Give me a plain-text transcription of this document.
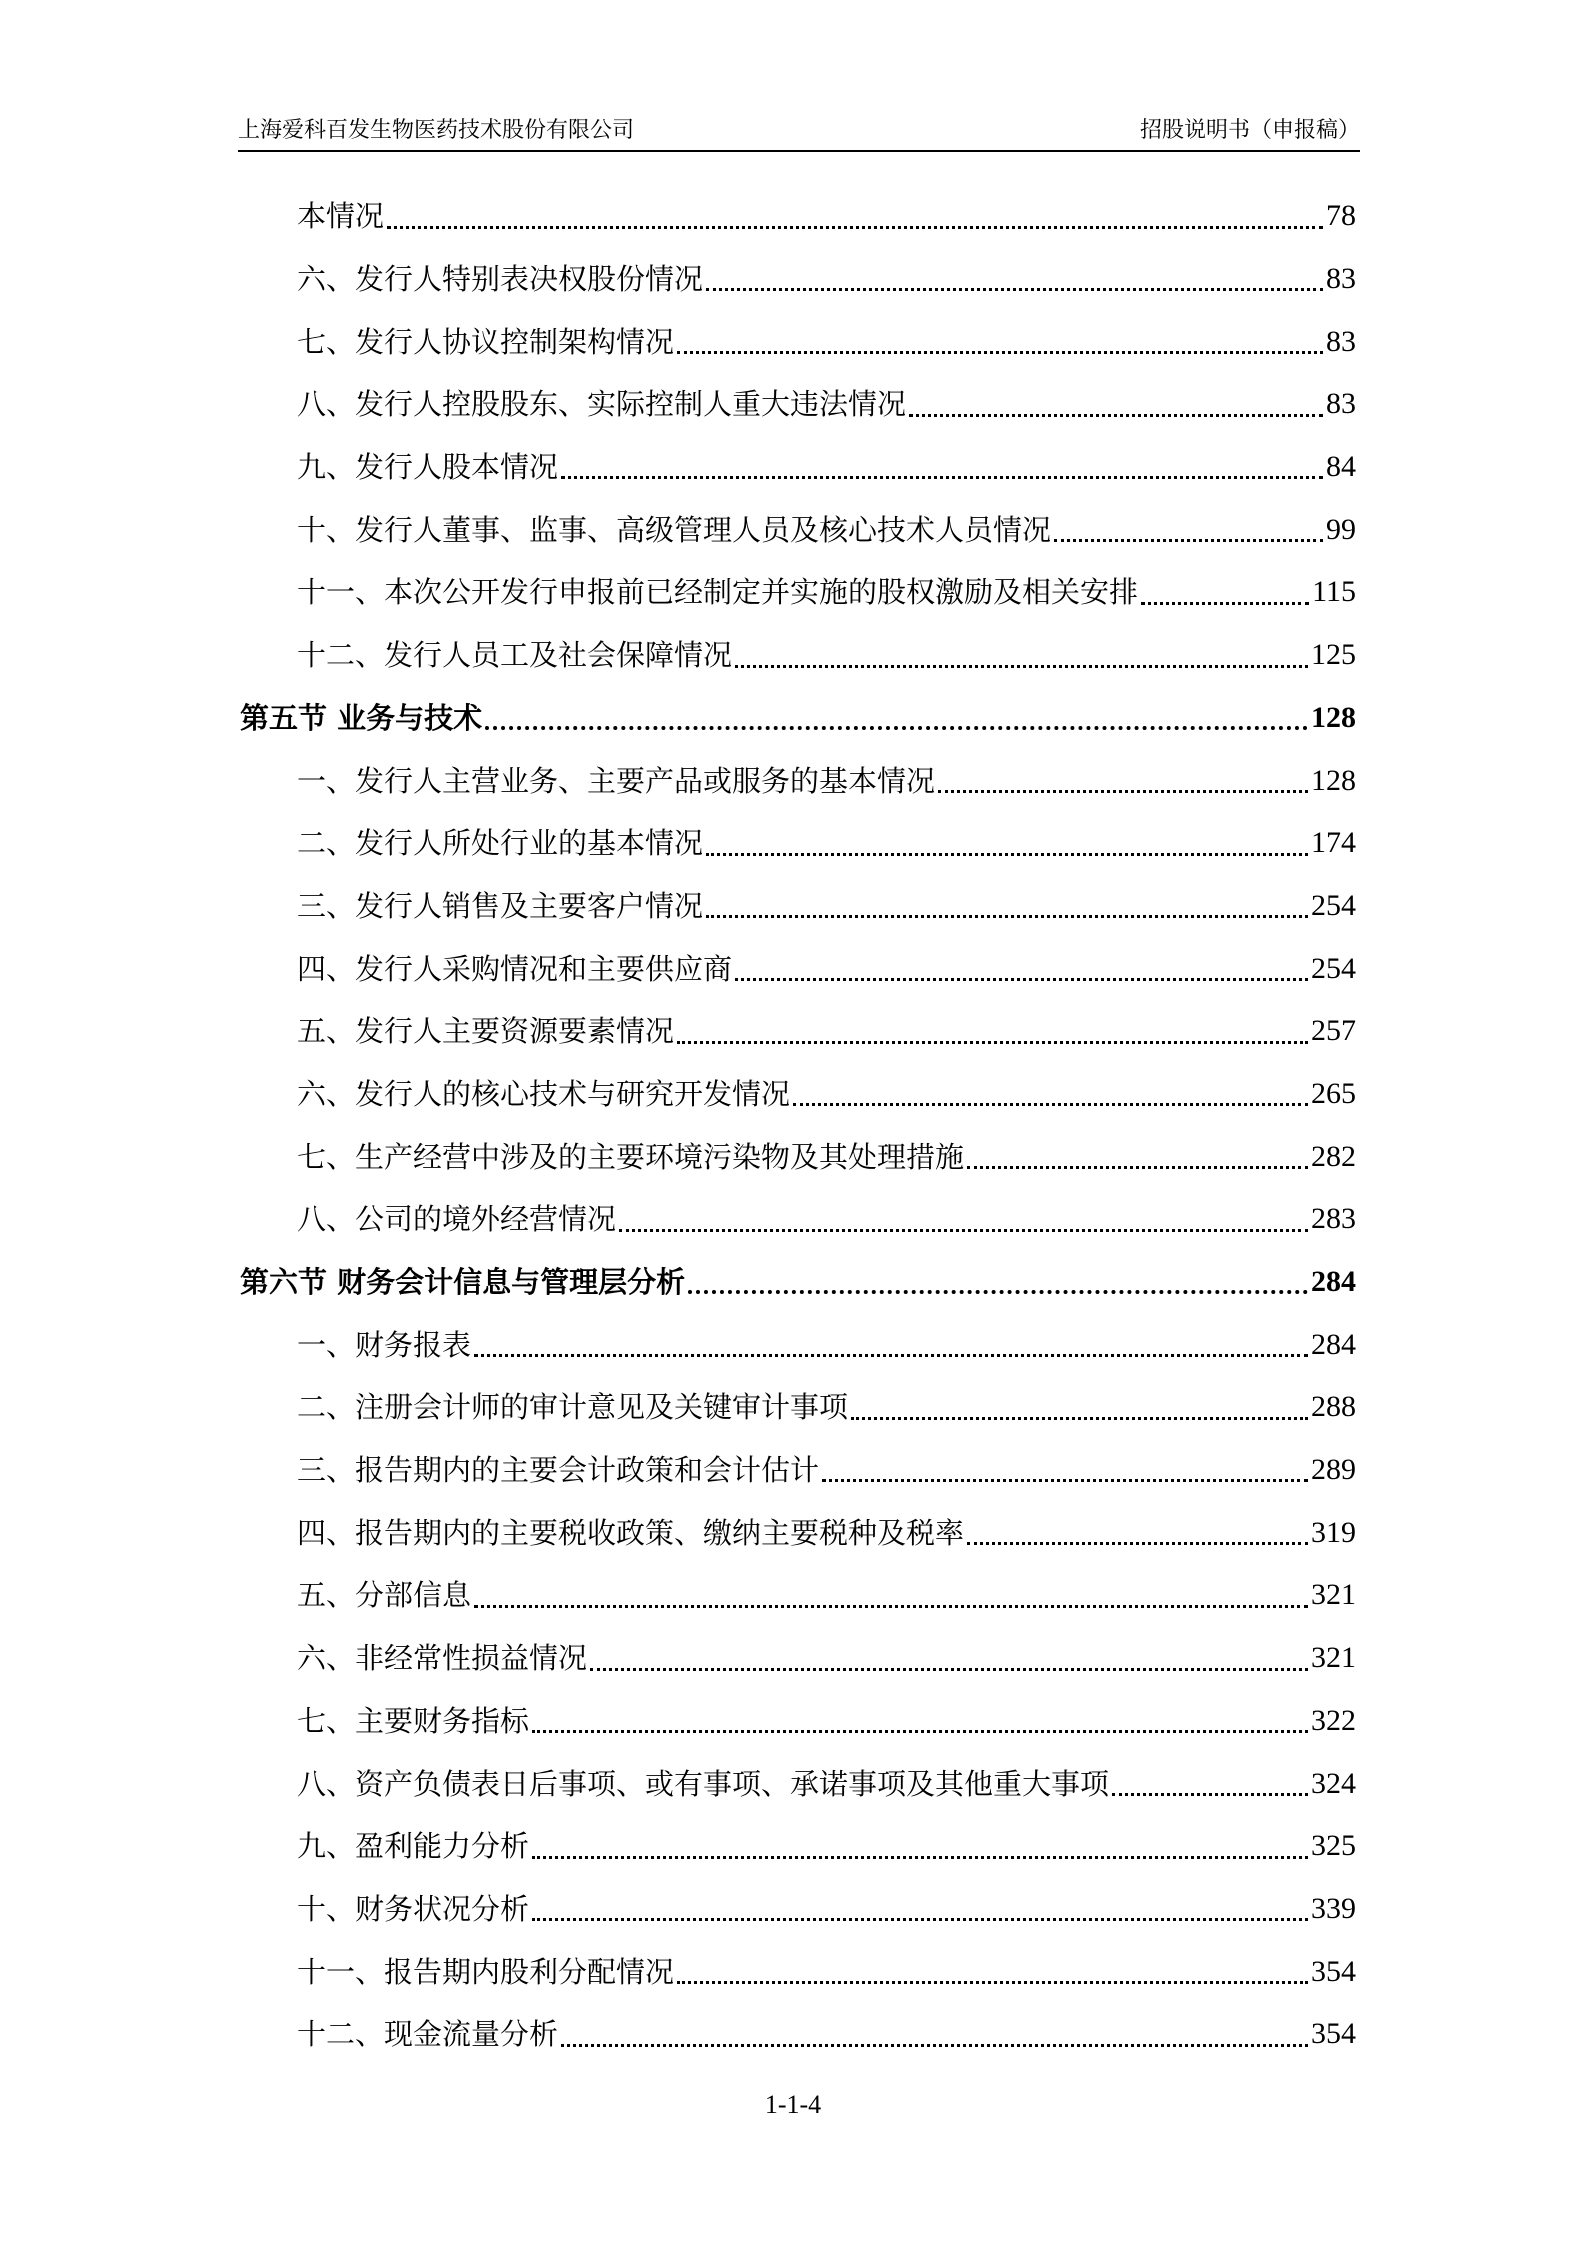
上海爱科百发生物医药技术股份有限公司	招股说明书（申报稿）
本情况	78
六、发行人特别表决权股份情况	83
七、发行人协议控制架构情况	83
八、发行人控股股东、实际控制人重大违法情况	83
九、发行人股本情况	84
十、发行人董事、监事、高级管理人员及核心技术人员情况	99
十一、本次公开发行申报前已经制定并实施的股权激励及相关安排	115
十二、发行人员工及社会保障情况	125
第五节 业务与技术	128
一、发行人主营业务、主要产品或服务的基本情况	128
二、发行人所处行业的基本情况	174
三、发行人销售及主要客户情况	254
四、发行人采购情况和主要供应商	254
五、发行人主要资源要素情况	257
六、发行人的核心技术与研究开发情况	265
七、生产经营中涉及的主要环境污染物及其处理措施	282
八、公司的境外经营情况	283
第六节 财务会计信息与管理层分析	284
一、财务报表	284
二、注册会计师的审计意见及关键审计事项	288
三、报告期内的主要会计政策和会计估计	289
四、报告期内的主要税收政策、缴纳主要税种及税率	319
五、分部信息	321
六、非经常性损益情况	321
七、主要财务指标	322
八、资产负债表日后事项、或有事项、承诺事项及其他重大事项	324
九、盈利能力分析	325
十、财务状况分析	339
十一、报告期内股利分配情况	354
十二、现金流量分析	354
1-1-4
